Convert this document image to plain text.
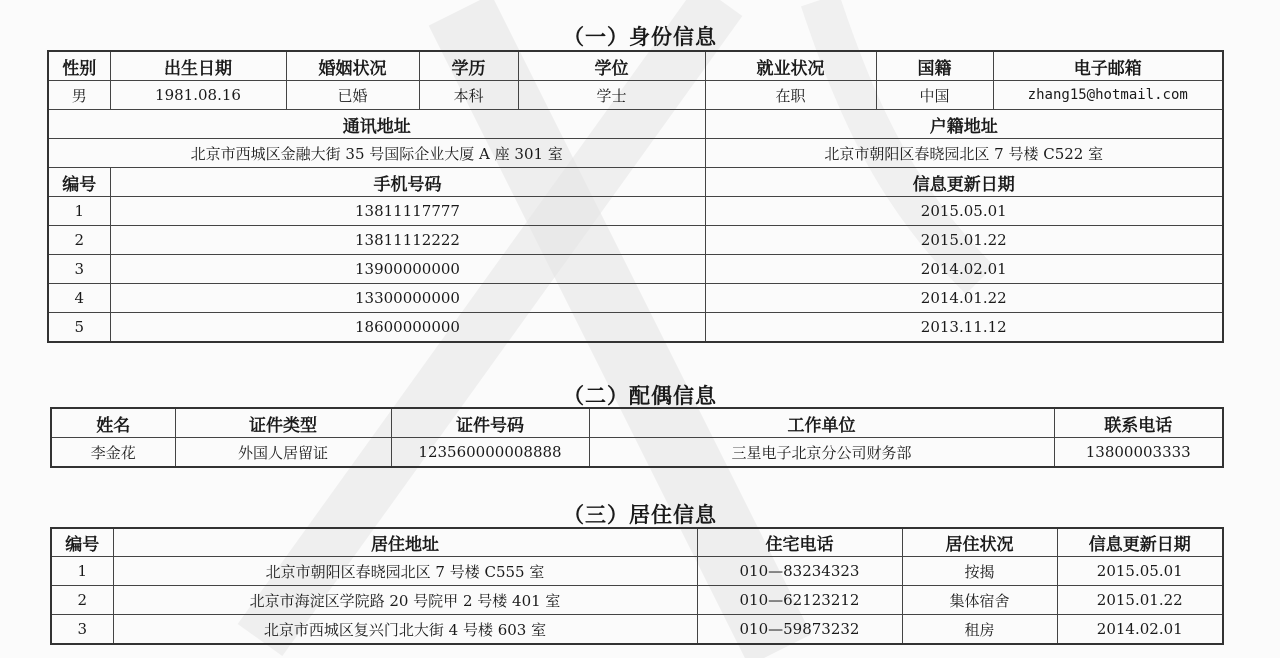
（一）身份信息
性别	出生日期	婚姻状况	学历	学位	就业状况	国籍	电子邮箱
男	1981.08.16	已婚	本科	学士	在职	中国	zhang15@hotmail.com
通讯地址					户籍地址		
北京市西城区金融大街 35 号国际企业大厦 A 座 301 室					北京市朝阳区春晓园北区 7 号楼 C522 室		
编号	手机号码				信息更新日期		
1	13811117777				2015.05.01		
2	13811112222				2015.01.22		
3	13900000000				2014.02.01		
4	13300000000				2014.01.22		
5	18600000000				2013.11.12		
（二）配偶信息
姓名	证件类型	证件号码	工作单位	联系电话
李金花	外国人居留证	123560000008888	三星电子北京分公司财务部	13800003333
（三）居住信息
编号	居住地址	住宅电话	居住状况	信息更新日期
1	北京市朝阳区春晓园北区 7 号楼 C555 室	010—83234323	按揭	2015.05.01
2	北京市海淀区学院路 20 号院甲 2 号楼 401 室	010—62123212	集体宿舍	2015.01.22
3	北京市西城区复兴门北大街 4 号楼 603 室	010—59873232	租房	2014.02.01
